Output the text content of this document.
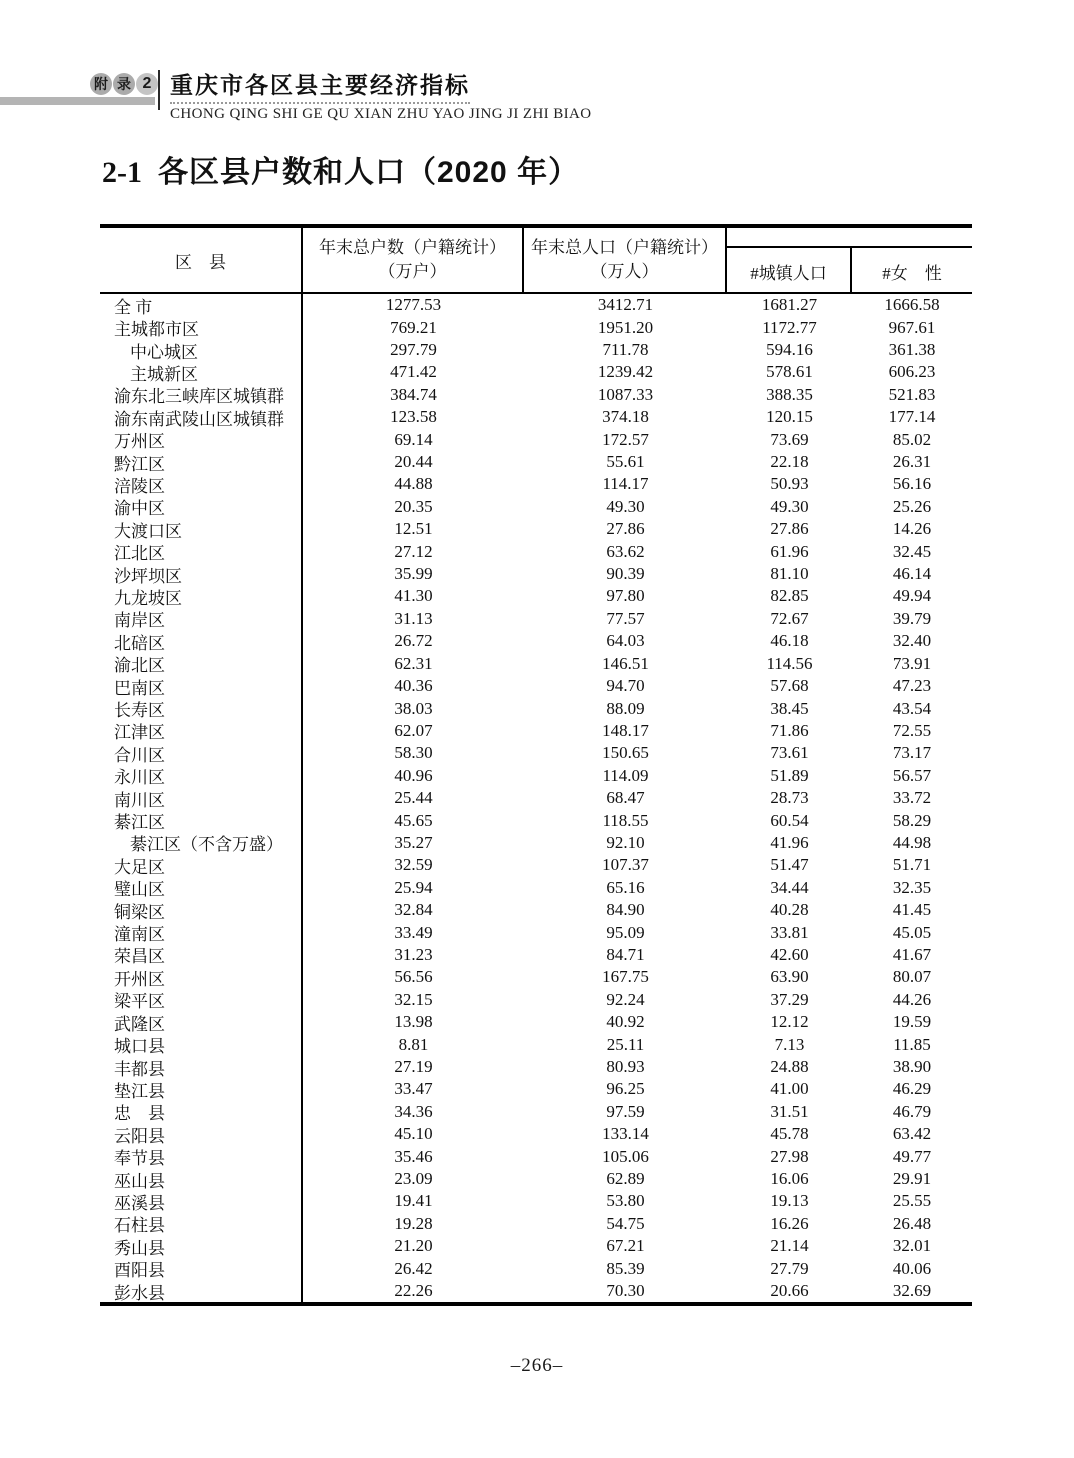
附 录 2 重庆市各区县主要经济指标
CHONG QING SHI GE QU XIAN ZHU YAO JING JI ZHI BIAO
2-1 各区县户数和人口（2020 年）
区　县
年末总户数（户籍统计）
（万户）
年末总人口（户籍统计）
（万人）	#城镇人口	#女　性
全 市	1277.53	3412.71	1681.27	1666.58
主城都市区	769.21	1951.20	1172.77	967.61
中心城区	297.79	711.78	594.16	361.38
主城新区	471.42	1239.42	578.61	606.23
渝东北三峡库区城镇群	384.74	1087.33	388.35	521.83
渝东南武陵山区城镇群	123.58	374.18	120.15	177.14
万州区	69.14	172.57	73.69	85.02
黔江区	20.44	55.61	22.18	26.31
涪陵区	44.88	114.17	50.93	56.16
渝中区	20.35	49.30	49.30	25.26
大渡口区	12.51	27.86	27.86	14.26
江北区	27.12	63.62	61.96	32.45
沙坪坝区	35.99	90.39	81.10	46.14
九龙坡区	41.30	97.80	82.85	49.94
南岸区	31.13	77.57	72.67	39.79
北碚区	26.72	64.03	46.18	32.40
渝北区	62.31	146.51	114.56	73.91
巴南区	40.36	94.70	57.68	47.23
长寿区	38.03	88.09	38.45	43.54
江津区	62.07	148.17	71.86	72.55
合川区	58.30	150.65	73.61	73.17
永川区	40.96	114.09	51.89	56.57
南川区	25.44	68.47	28.73	33.72
綦江区	45.65	118.55	60.54	58.29
綦江区（不含万盛）	35.27	92.10	41.96	44.98
大足区	32.59	107.37	51.47	51.71
璧山区	25.94	65.16	34.44	32.35
铜梁区	32.84	84.90	40.28	41.45
潼南区	33.49	95.09	33.81	45.05
荣昌区	31.23	84.71	42.60	41.67
开州区	56.56	167.75	63.90	80.07
梁平区	32.15	92.24	37.29	44.26
武隆区	13.98	40.92	12.12	19.59
城口县	8.81	25.11	7.13	11.85
丰都县	27.19	80.93	24.88	38.90
垫江县	33.47	96.25	41.00	46.29
忠　县	34.36	97.59	31.51	46.79
云阳县	45.10	133.14	45.78	63.42
奉节县	35.46	105.06	27.98	49.77
巫山县	23.09	62.89	16.06	29.91
巫溪县	19.41	53.80	19.13	25.55
石柱县	19.28	54.75	16.26	26.48
秀山县	21.20	67.21	21.14	32.01
酉阳县	26.42	85.39	27.79	40.06
彭水县	22.26	70.30	20.66	32.69
–266–
